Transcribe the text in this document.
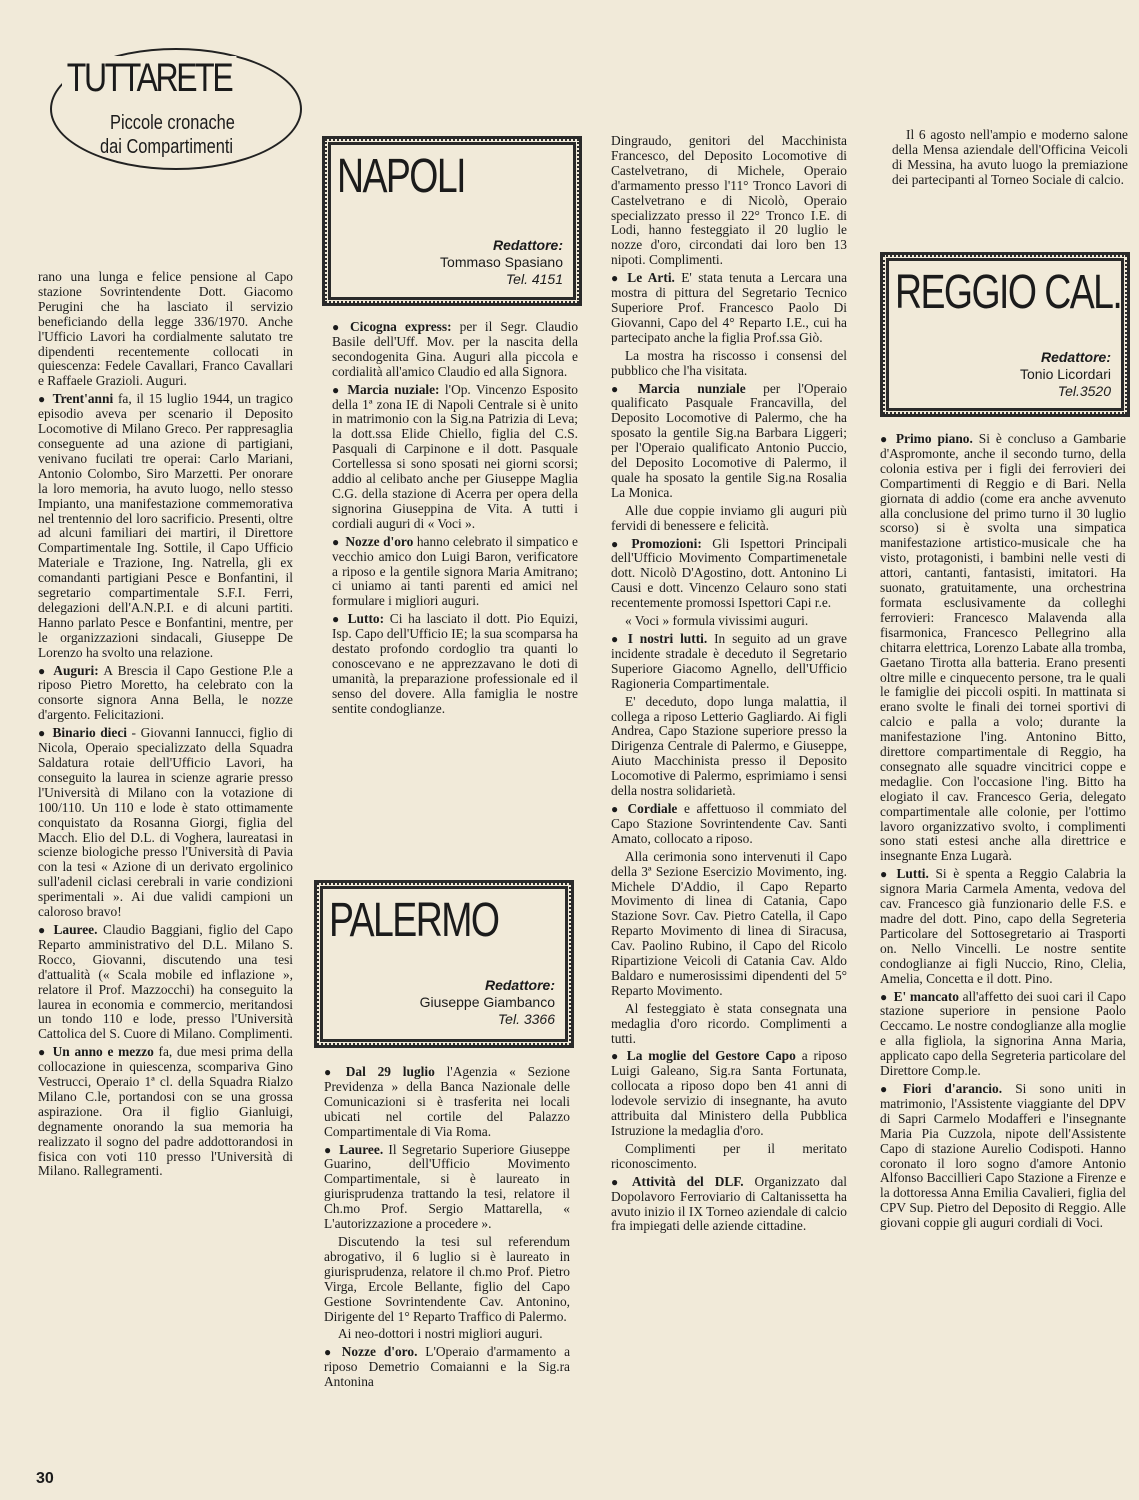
TUTTARETE
Piccole cronache
dai Compartimenti

rano una lunga e felice pensione al Capo stazione Sovrintendente Dott. Giacomo Perugini che ha lasciato il servizio beneficiando della legge 336/1970. Anche l'Ufficio Lavori ha cordialmente salutato tre dipendenti recentemente collocati in quiescenza: Fedele Cavallari, Franco Cavallari e Raffaele Grazioli. Auguri.

● Trent'anni fa, il 15 luglio 1944, un tragico episodio aveva per scenario il Deposito Locomotive di Milano Greco. Per rappresaglia conseguente ad una azione di partigiani, venivano fucilati tre operai: Carlo Mariani, Antonio Colombo, Siro Marzetti. Per onorare la loro memoria, ha avuto luogo, nello stesso Impianto, una manifestazione commemorativa nel trentennio del loro sacrificio. Presenti, oltre ad alcuni familiari dei martiri, il Direttore Compartimentale Ing. Sottile, il Capo Ufficio Materiale e Trazione, Ing. Natrella, gli ex comandanti partigiani Pesce e Bonfantini, il segretario compartimentale S.F.I. Ferri, delegazioni dell'A.N.P.I. e di alcuni partiti. Hanno parlato Pesce e Bonfantini, mentre, per le organizzazioni sindacali, Giuseppe De Lorenzo ha svolto una relazione.

● Auguri: A Brescia il Capo Gestione P.le a riposo Pietro Moretto, ha celebrato con la consorte signora Anna Bella, le nozze d'argento. Felicitazioni.

● Binario dieci - Giovanni Iannucci, figlio di Nicola, Operaio specializzato della Squadra Saldatura rotaie dell'Ufficio Lavori, ha conseguito la laurea in scienze agrarie presso l'Università di Milano con la votazione di 100/110. Un 110 e lode è stato ottimamente conquistato da Rosanna Giorgi, figlia del Macch. Elio del D.L. di Voghera, laureatasi in scienze biologiche presso l'Università di Pavia con la tesi « Azione di un derivato ergolinico sull'adenil ciclasi cerebrali in varie condizioni sperimentali ». Ai due validi campioni un caloroso bravo!

● Lauree. Claudio Baggiani, figlio del Capo Reparto amministrativo del D.L. Milano S. Rocco, Giovanni, discutendo una tesi d'attualità (« Scala mobile ed inflazione », relatore il Prof. Mazzocchi) ha conseguito la laurea in economia e commercio, meritandosi un tondo 110 e lode, presso l'Università Cattolica del S. Cuore di Milano. Complimenti.

● Un anno e mezzo fa, due mesi prima della collocazione in quiescenza, scompariva Gino Vestrucci, Operaio 1ª cl. della Squadra Rialzo Milano C.le, portandosi con se una grossa aspirazione. Ora il figlio Gianluigi, degnamente onorando la sua memoria ha realizzato il sogno del padre addottorandosi in fisica con voti 110 presso l'Università di Milano. Rallegramenti.

NAPOLI
Redattore:
Tommaso Spasiano
Tel. 4151

● Cicogna express: per il Segr. Claudio Basile dell'Uff. Mov. per la nascita della secondogenita Gina. Auguri alla piccola e cordialità all'amico Claudio ed alla Signora.

● Marcia nuziale: l'Op. Vincenzo Esposito della 1ª zona IE di Napoli Centrale si è unito in matrimonio con la Sig.na Patrizia di Leva; la dott.ssa Elide Chiello, figlia del C.S. Pasquali di Carpinone e il dott. Pasquale Cortellessa si sono sposati nei giorni scorsi; addio al celibato anche per Giuseppe Maglia C.G. della stazione di Acerra per opera della signorina Giuseppina de Vita. A tutti i cordiali auguri di « Voci ».

● Nozze d'oro hanno celebrato il simpatico e vecchio amico don Luigi Baron, verificatore a riposo e la gentile signora Maria Amitrano; ci uniamo ai tanti parenti ed amici nel formulare i migliori auguri.

● Lutto: Ci ha lasciato il dott. Pio Equizi, Isp. Capo dell'Ufficio IE; la sua scomparsa ha destato profondo cordoglio tra quanti lo conoscevano e ne apprezzavano le doti di umanità, la preparazione professionale ed il senso del dovere. Alla famiglia le nostre sentite condoglianze.

PALERMO
Redattore:
Giuseppe Giambanco
Tel. 3366

● Dal 29 luglio l'Agenzia « Sezione Previdenza » della Banca Nazionale delle Comunicazioni si è trasferita nei locali ubicati nel cortile del Palazzo Compartimentale di Via Roma.

● Lauree. Il Segretario Superiore Giuseppe Guarino, dell'Ufficio Movimento Compartimentale, si è laureato in giurisprudenza trattando la tesi, relatore il Ch.mo Prof. Sergio Mattarella, « L'autorizzazione a procedere ».

Discutendo la tesi sul referendum abrogativo, il 6 luglio si è laureato in giurisprudenza, relatore il ch.mo Prof. Pietro Virga, Ercole Bellante, figlio del Capo Gestione Sovrintendente Cav. Antonino, Dirigente del 1° Reparto Traffico di Palermo.

Ai neo-dottori i nostri migliori auguri.

● Nozze d'oro. L'Operaio d'armamento a riposo Demetrio Comaianni e la Sig.ra Antonina

Dingraudo, genitori del Macchinista Francesco, del Deposito Locomotive di Castelvetrano, di Michele, Operaio d'armamento presso l'11° Tronco Lavori di Castelvetrano e di Nicolò, Operaio specializzato presso il 22° Tronco I.E. di Lodi, hanno festeggiato il 20 luglio le nozze d'oro, circondati dai loro ben 13 nipoti. Complimenti.

● Le Arti. E' stata tenuta a Lercara una mostra di pittura del Segretario Tecnico Superiore Prof. Francesco Paolo Di Giovanni, Capo del 4° Reparto I.E., cui ha partecipato anche la figlia Prof.ssa Giò.

La mostra ha riscosso i consensi del pubblico che l'ha visitata.

● Marcia nunziale per l'Operaio qualificato Pasquale Francavilla, del Deposito Locomotive di Palermo, che ha sposato la gentile Sig.na Barbara Liggeri; per l'Operaio qualificato Antonio Puccio, del Deposito Locomotive di Palermo, il quale ha sposato la gentile Sig.na Rosalia La Monica.

Alle due coppie inviamo gli auguri più fervidi di benessere e felicità.

● Promozioni: Gli Ispettori Principali dell'Ufficio Movimento Compartimenetale dott. Nicolò D'Agostino, dott. Antonino Li Causi e dott. Vincenzo Celauro sono stati recentemente promossi Ispettori Capi r.e.

« Voci » formula vivissimi auguri.

● I nostri lutti. In seguito ad un grave incidente stradale è deceduto il Segretario Superiore Giacomo Agnello, dell'Ufficio Ragioneria Compartimentale.

E' deceduto, dopo lunga malattia, il collega a riposo Letterio Gagliardo. Ai figli Andrea, Capo Stazione superiore presso la Dirigenza Centrale di Palermo, e Giuseppe, Aiuto Macchinista presso il Deposito Locomotive di Palermo, esprimiamo i sensi della nostra solidarietà.

● Cordiale e affettuoso il commiato del Capo Stazione Sovrintendente Cav. Santi Amato, collocato a riposo.

Alla cerimonia sono intervenuti il Capo della 3ª Sezione Esercizio Movimento, ing. Michele D'Addio, il Capo Reparto Movimento di linea di Catania, Capo Stazione Sovr. Cav. Pietro Catella, il Capo Reparto Movimento di linea di Siracusa, Cav. Paolino Rubino, il Capo del Ricolo Ripartizione Veicoli di Catania Cav. Aldo Baldaro e numerosissimi dipendenti del 5° Reparto Movimento.

Al festeggiato è stata consegnata una medaglia d'oro ricordo. Complimenti a tutti.

● La moglie del Gestore Capo a riposo Luigi Galeano, Sig.ra Santa Fortunata, collocata a riposo dopo ben 41 anni di lodevole servizio di insegnante, ha avuto attribuita dal Ministero della Pubblica Istruzione la medaglia d'oro.

Complimenti per il meritato riconoscimento.

● Attività del DLF. Organizzato dal Dopolavoro Ferroviario di Caltanissetta ha avuto inizio il IX Torneo aziendale di calcio fra impiegati delle aziende cittadine.

Il 6 agosto nell'ampio e moderno salone della Mensa aziendale dell'Officina Veicoli di Messina, ha avuto luogo la premiazione dei partecipanti al Torneo Sociale di calcio.

REGGIO CAL.
Redattore:
Tonio Licordari
Tel.3520

● Primo piano. Si è concluso a Gambarie d'Aspromonte, anche il secondo turno, della colonia estiva per i figli dei ferrovieri dei Compartimenti di Reggio e di Bari. Nella giornata di addio (come era anche avvenuto alla conclusione del primo turno il 30 luglio scorso) si è svolta una simpatica manifestazione artistico-musicale che ha visto, protagonisti, i bambini nelle vesti di attori, cantanti, fantasisti, imitatori. Ha suonato, gratuitamente, una orchestrina formata esclusivamente da colleghi ferrovieri: Francesco Malavenda alla fisarmonica, Francesco Pellegrino alla chitarra elettrica, Lorenzo Labate alla tromba, Gaetano Tirotta alla batteria. Erano presenti oltre mille e cinquecento persone, tra le quali le famiglie dei piccoli ospiti. In mattinata si erano svolte le finali dei tornei sportivi di calcio e palla a volo; durante la manifestazione l'ing. Antonino Bitto, direttore compartimentale di Reggio, ha consegnato alle squadre vincitrici coppe e medaglie. Con l'occasione l'ing. Bitto ha elogiato il cav. Francesco Geria, delegato compartimentale alle colonie, per l'ottimo lavoro organizzativo svolto, i complimenti sono stati estesi anche alla direttrice e insegnante Enza Lugarà.

● Lutti. Si è spenta a Reggio Calabria la signora Maria Carmela Amenta, vedova del cav. Francesco già funzionario delle F.S. e madre del dott. Pino, capo della Segreteria Particolare del Sottosegretario ai Trasporti on. Nello Vincelli. Le nostre sentite condoglianze ai figli Nuccio, Rino, Clelia, Amelia, Concetta e il dott. Pino.

● E' mancato all'affetto dei suoi cari il Capo stazione superiore in pensione Paolo Ceccamo. Le nostre condoglianze alla moglie e alla figliola, la signorina Anna Maria, applicato capo della Segreteria particolare del Direttore Comp.le.

● Fiori d'arancio. Si sono uniti in matrimonio, l'Assistente viaggiante del DPV di Sapri Carmelo Modafferi e l'insegnante Maria Pia Cuzzola, nipote dell'Assistente Capo di stazione Aurelio Codispoti. Hanno coronato il loro sogno d'amore Antonio Alfonso Baccillieri Capo Stazione a Firenze e la dottoressa Anna Emilia Cavalieri, figlia del CPV Sup. Pietro del Deposito di Reggio. Alle giovani coppie gli auguri cordiali di Voci.

30
